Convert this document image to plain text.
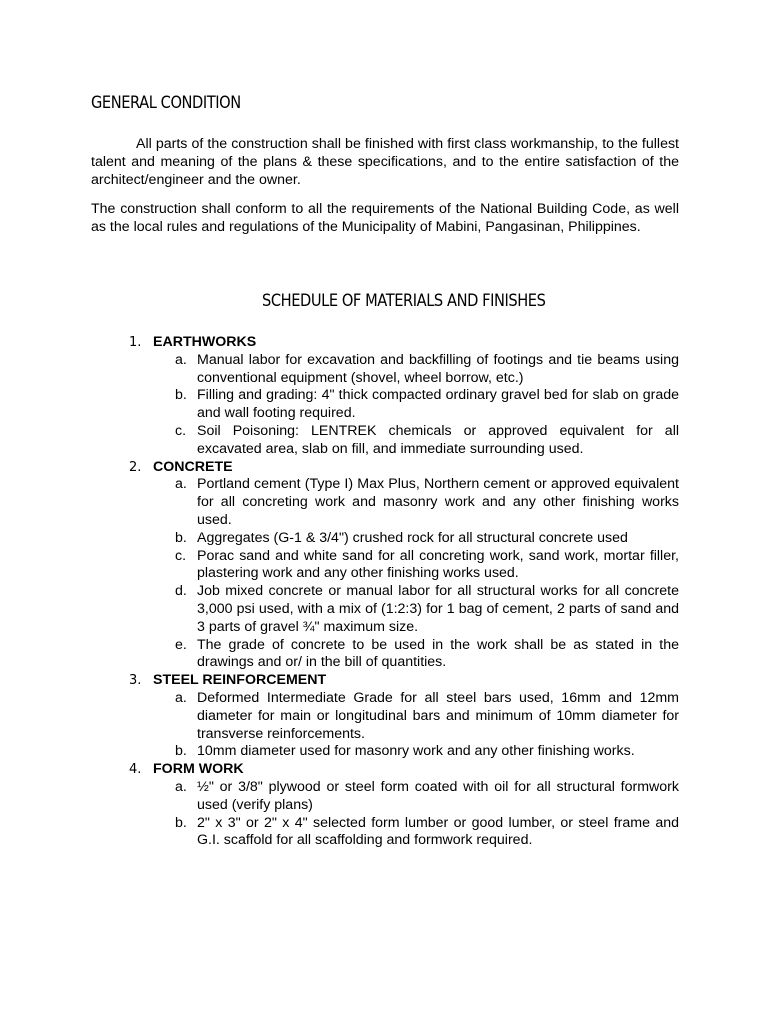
GENERAL CONDITION

All parts of the construction shall be finished with first class workmanship, to the fullest talent and meaning of the plans & these specifications, and to the entire satisfaction of the architect/engineer and the owner.

The construction shall conform to all the requirements of the National Building Code, as well as the local rules and regulations of the Municipality of Mabini, Pangasinan, Philippines.

SCHEDULE OF MATERIALS AND FINISHES
1. EARTHWORKS
a. Manual labor for excavation and backfilling of footings and tie beams using conventional equipment (shovel, wheel borrow, etc.)
b. Filling and grading: 4" thick compacted ordinary gravel bed for slab on grade and wall footing required.
c. Soil Poisoning: LENTREK chemicals or approved equivalent for all excavated area, slab on fill, and immediate surrounding used.
2. CONCRETE
a. Portland cement (Type I) Max Plus, Northern cement or approved equivalent for all concreting work and masonry work and any other finishing works used.
b. Aggregates (G-1 & 3/4") crushed rock for all structural concrete used
c. Porac sand and white sand for all concreting work, sand work, mortar filler, plastering work and any other finishing works used.
d. Job mixed concrete or manual labor for all structural works for all concrete 3,000 psi used, with a mix of (1:2:3) for 1 bag of cement, 2 parts of sand and 3 parts of gravel ¾" maximum size.
e. The grade of concrete to be used in the work shall be as stated in the drawings and or/ in the bill of quantities.
3. STEEL REINFORCEMENT
a. Deformed Intermediate Grade for all steel bars used, 16mm and 12mm diameter for main or longitudinal bars and minimum of 10mm diameter for transverse reinforcements.
b. 10mm diameter used for masonry work and any other finishing works.
4. FORM WORK
a. ½" or 3/8" plywood or steel form coated with oil for all structural formwork used (verify plans)
b. 2" x 3" or 2" x 4" selected form lumber or good lumber, or steel frame and G.I. scaffold for all scaffolding and formwork required.
